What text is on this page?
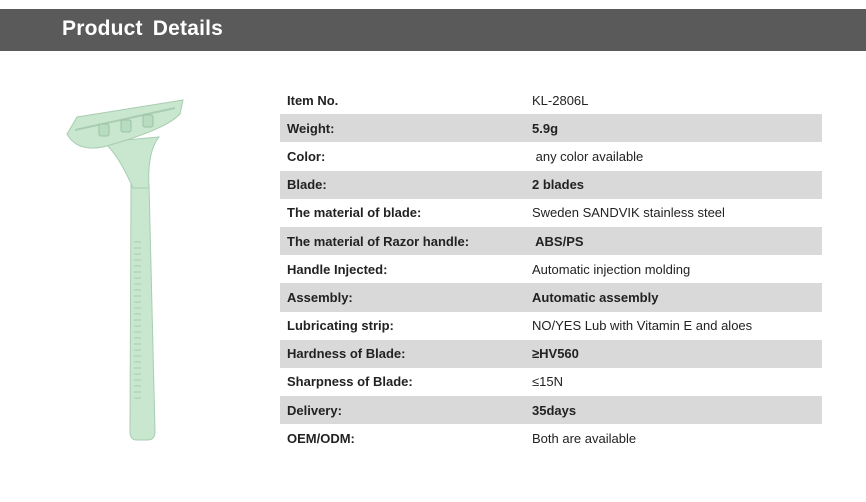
Product Details
Item No.	KL-2806L
Weight:	5.9g
Color:	any color available
Blade:	2 blades
The material of blade:	Sweden SANDVIK stainless steel
The material of Razor handle:	ABS/PS
Handle Injected:	Automatic injection molding
Assembly:	Automatic assembly
Lubricating strip:	NO/YES Lub with Vitamin E and aloes
Hardness of Blade:	≥HV560
Sharpness of Blade:	≤15N
Delivery:	35days
OEM/ODM:	Both are available
